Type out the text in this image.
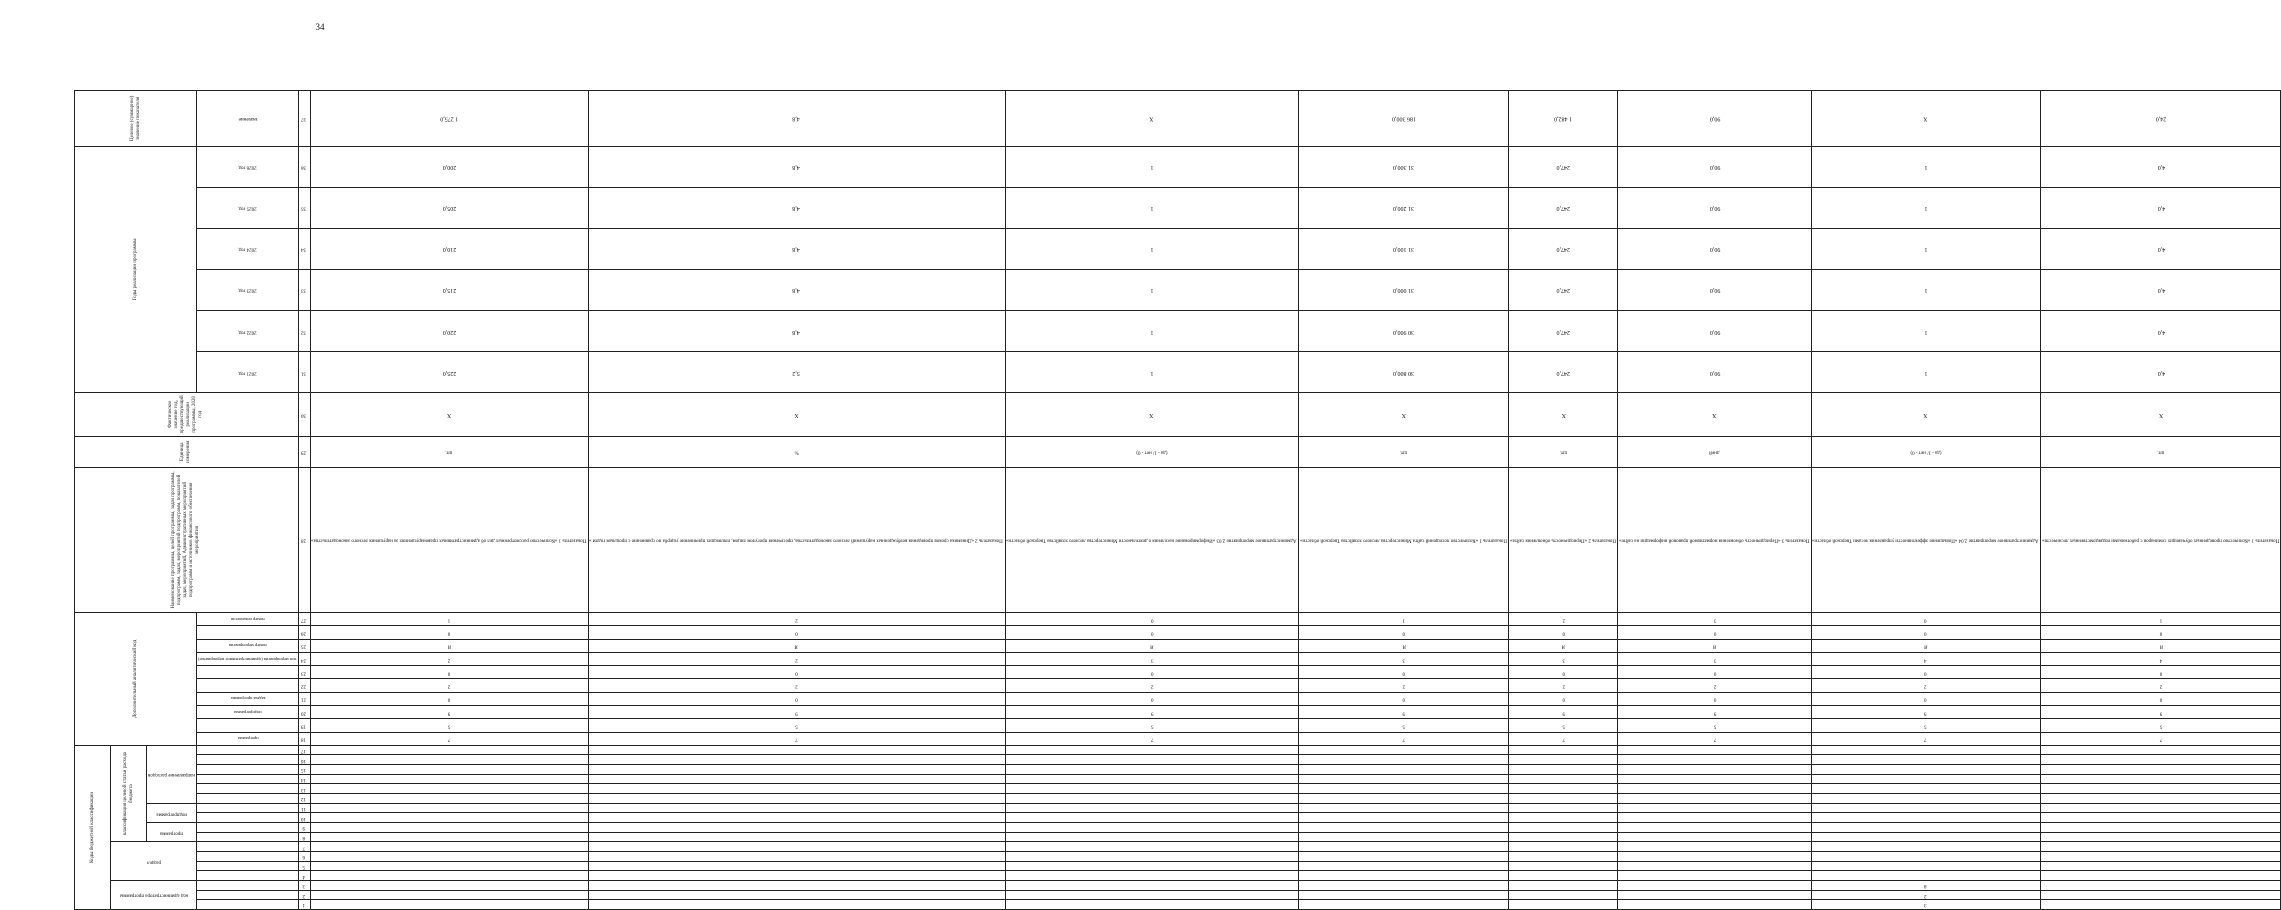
34
Коды бюджетной классификации																	Дополнительный аналитический код										Наименование программы, целей программы, задач программы, подпрограмм, задач, мероприятий подпрограмм, показателей задач, мероприятий, Административных мероприятий подпрограмм и источников финансового обеспечения мероприятия	Единица измерения	Фактическое значение год, предшествующий реализации программы, 2020 год	Годы реализации программы						Целевое (суммарное) значение показателя
код администратора программы			раздел				классификация целевой статьи расхода бюджета																													
							программа		подпрограмма		направление расходов																									
																	программа		подпрограмма	задача программы			тип мероприятия (административное мероприятие)	номер мероприятия		номер показателя				2021 год	2022 год	2023 год	2024 год	2025 год	2026 год	значение
1	2	3	4	5	6	7	8	9	10	11	12	13	14	15	16	17	18	19	20	21	22	23	24	25	26	27	28	29	30	31	32	33	34	35	36	37
																	7	5	9	0	2	0	2	Я	0	1	Показатель 1 «Количество рассмотренных дел об административных правонарушениях за нарушения лесного законодательства»	шт.	Х	225,0	220,0	215,0	210,0	205,0	200,0	1 275,0
																	7	5	9	0	2	0	2	Я	0	2	Показатель 2 «Динамика сроков проведения возбужденных нарушений лесного законодательства, пресечения прогулом лицом, повлекших причинение ущерба по сравнению с прошлым годом »	%	Х	5,2	4,8	4,8	4,8	4,8	4,8	4,8
																	7	5	9	0	2	0	3	Я	0	0	Административное мероприятие 2.03 «Информирование населения о деятельности Министерства лесного хозяйства Тверской области»	(да - 1/ нет - 0)	Х	1	1	1	1	1	1	Х
																	7	5	9	0	2	0	3	Я	0	1	Показатель 1 «Количество посещений сайта Министерства лесного хозяйства Тверской области»	шт.	Х	30 800,0	30 900,0	31 000,0	31 100,0	31 200,0	31 300,0	186 300,0
																	7	5	9	0	2	0	3	Я	0	2	Показатель 2 «Периодичность обновления сайта»	шт.	Х	247,0	247,0	247,0	247,0	247,0	247,0	1 482,0
																	7	5	9	0	2	0	3	Я	0	3	Показатель 3 «Периодичность обновления нормативной правовой информации на сайте»	дней	Х	90,0	90,0	90,0	90,0	90,0	90,0	90,0
3	2	8															7	5	9	0	2	0	4	Я	0	0	Административное мероприятие 2.04 «Повышение эффективности управления лесами Тверской области»	(да - 1/ нет - 0)	Х	1	1	1	1	1	1	Х
																	7	5	9	0	2	0	4	Я	0	1	Показатель 1 «Количество проведенных обучающих семинаров с работниками подведомственных лесничеств»	шт.	Х	4,0	4,0	4,0	4,0	4,0	4,0	24,0
